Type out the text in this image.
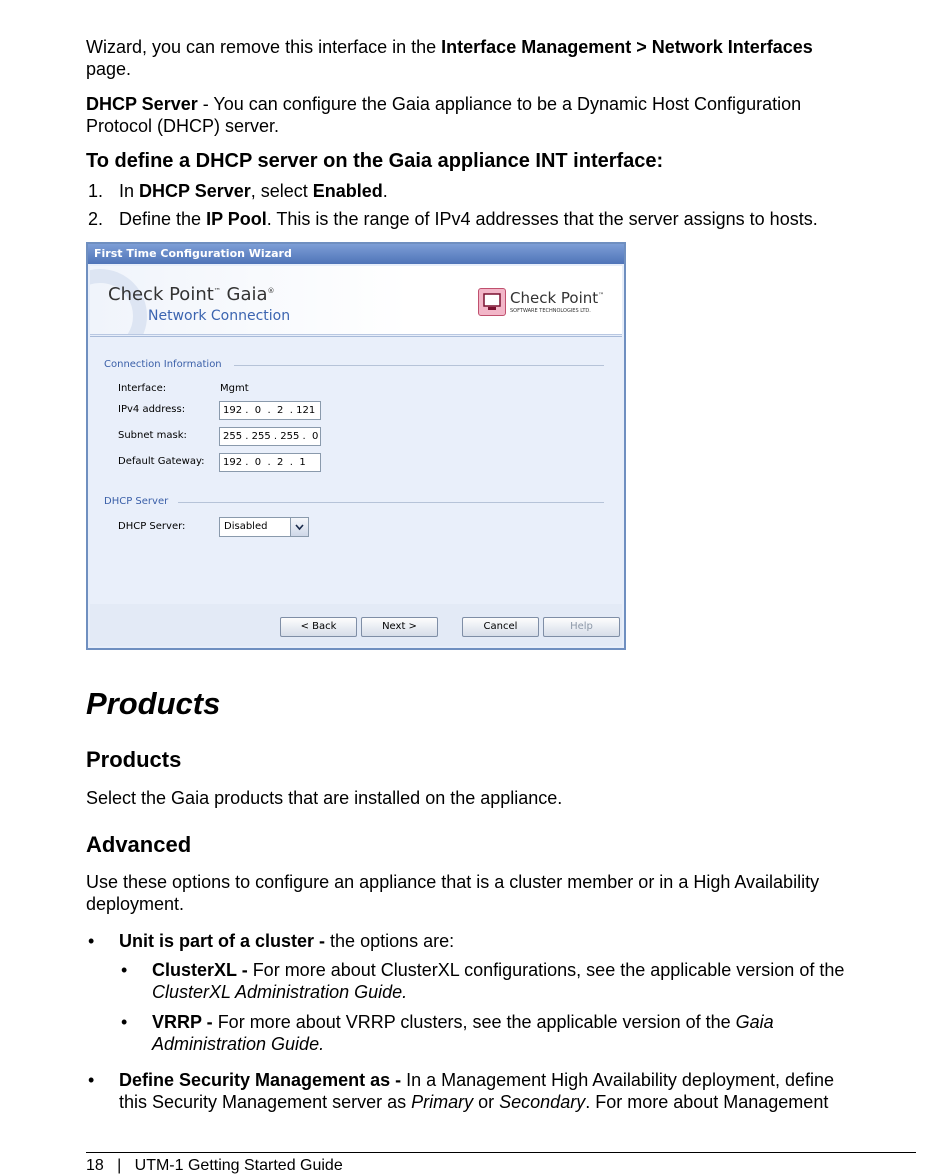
Wizard, you can remove this interface in the Interface Management > Network Interfaces

page.

DHCP Server - You can configure the Gaia appliance to be a Dynamic Host Configuration

Protocol (DHCP) server.

To define a DHCP server on the Gaia appliance INT interface:

1. In DHCP Server, select Enabled.

2. Define the IP Pool. This is the range of IPv4 addresses that the server assigns to hosts.

First Time Configuration Wizard
Check Point™ Gaia®
Network Connection
Check Point™
SOFTWARE TECHNOLOGIES LTD.
Connection Information
Interface:	Mgmt
IPv4 address:	192 .  0  .  2  . 121
Subnet mask:	255 . 255 . 255 .  0
Default Gateway:	192 .  0  .  2  .  1
DHCP Server
DHCP Server:	Disabled
< Back	Next >	Cancel	Help

Products

Products

Select the Gaia products that are installed on the appliance.

Advanced

Use these options to configure an appliance that is a cluster member or in a High Availability

deployment.

• Unit is part of a cluster - the options are:

• ClusterXL - For more about ClusterXL configurations, see the applicable version of the

ClusterXL Administration Guide.

• VRRP - For more about VRRP clusters, see the applicable version of the Gaia

Administration Guide.

• Define Security Management as - In a Management High Availability deployment, define

this Security Management server as Primary or Secondary. For more about Management

18 | UTM-1 Getting Started Guide
